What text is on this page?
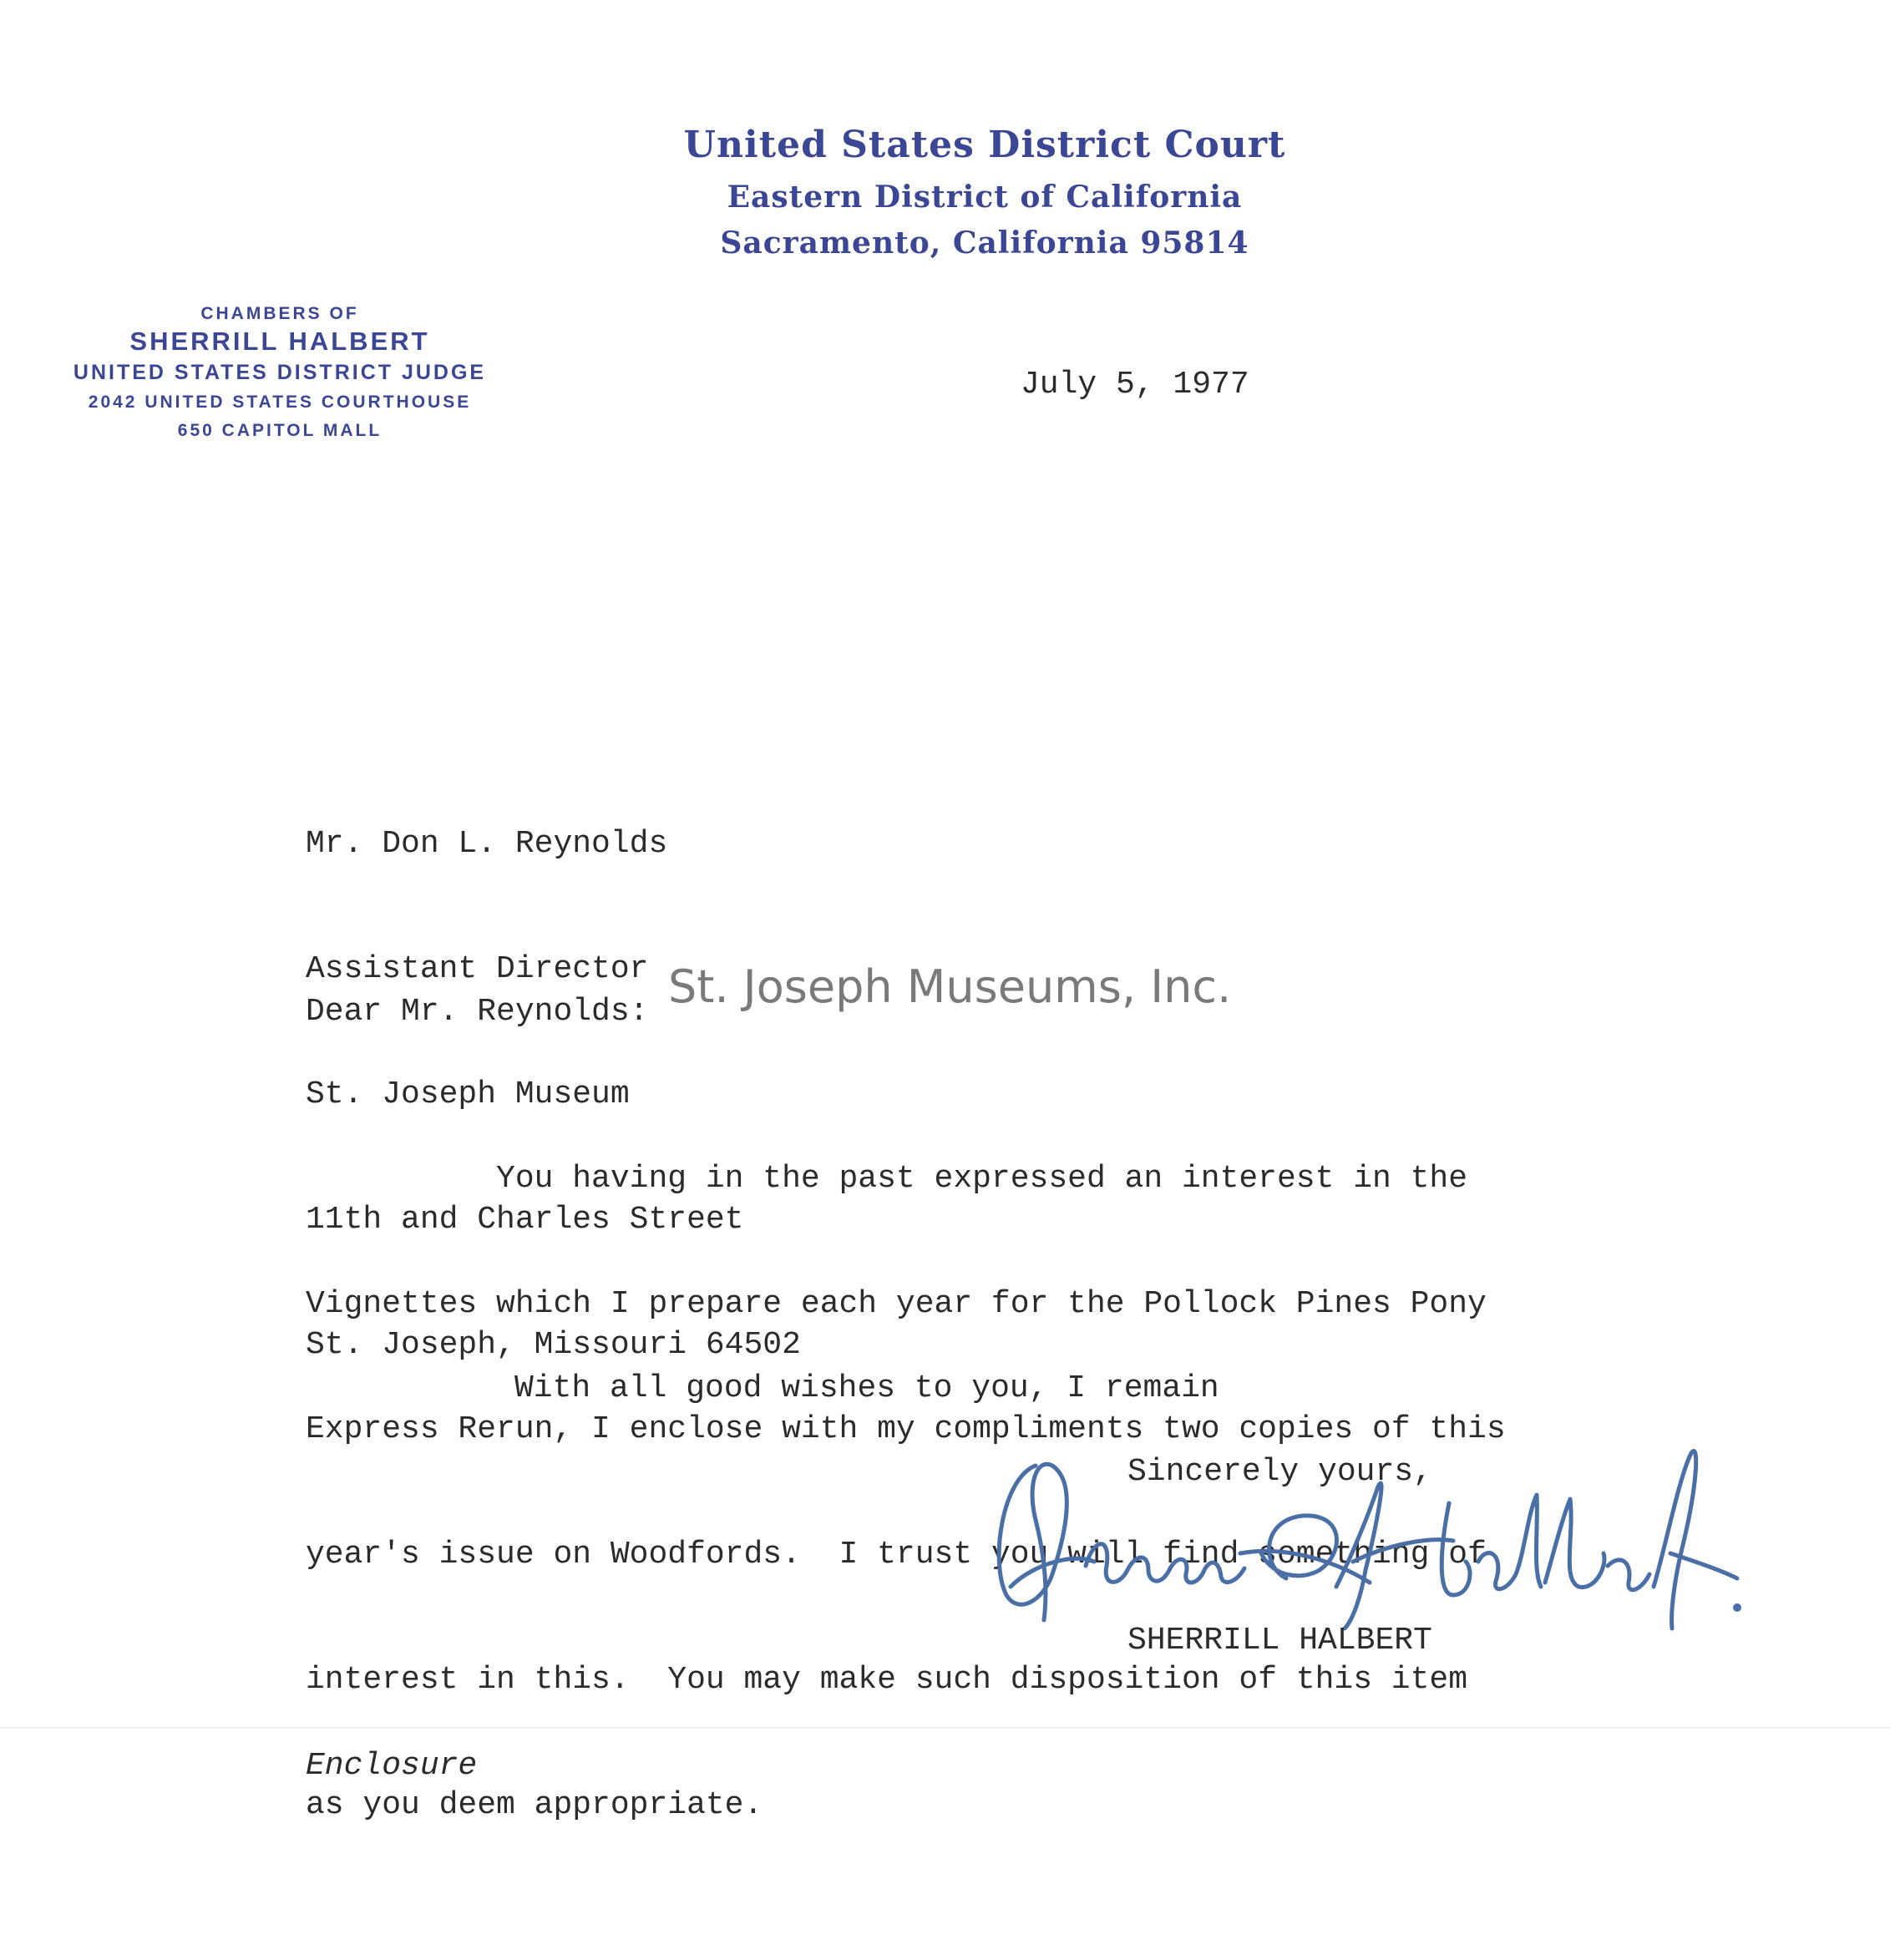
United States District Court
Eastern District of California
Sacramento, California 95814
CHAMBERS OF
SHERRILL HALBERT
UNITED STATES DISTRICT JUDGE
2042 UNITED STATES COURTHOUSE
650 CAPITOL MALL
July 5, 1977

Mr. Don L. Reynolds

Assistant Director

St. Joseph Museum

11th and Charles Street

St. Joseph, Missouri 64502

Dear Mr. Reynolds: St. Joseph Museums, Inc.

You having in the past expressed an interest in the

Vignettes which I prepare each year for the Pollock Pines Pony

Express Rerun, I enclose with my compliments two copies of this

year's issue on Woodfords.  I trust you will find something of

interest in this.  You may make such disposition of this item

as you deem appropriate.

With all good wishes to you, I remain
Sincerely yours,
SHERRILL HALBERT
Enclosure
